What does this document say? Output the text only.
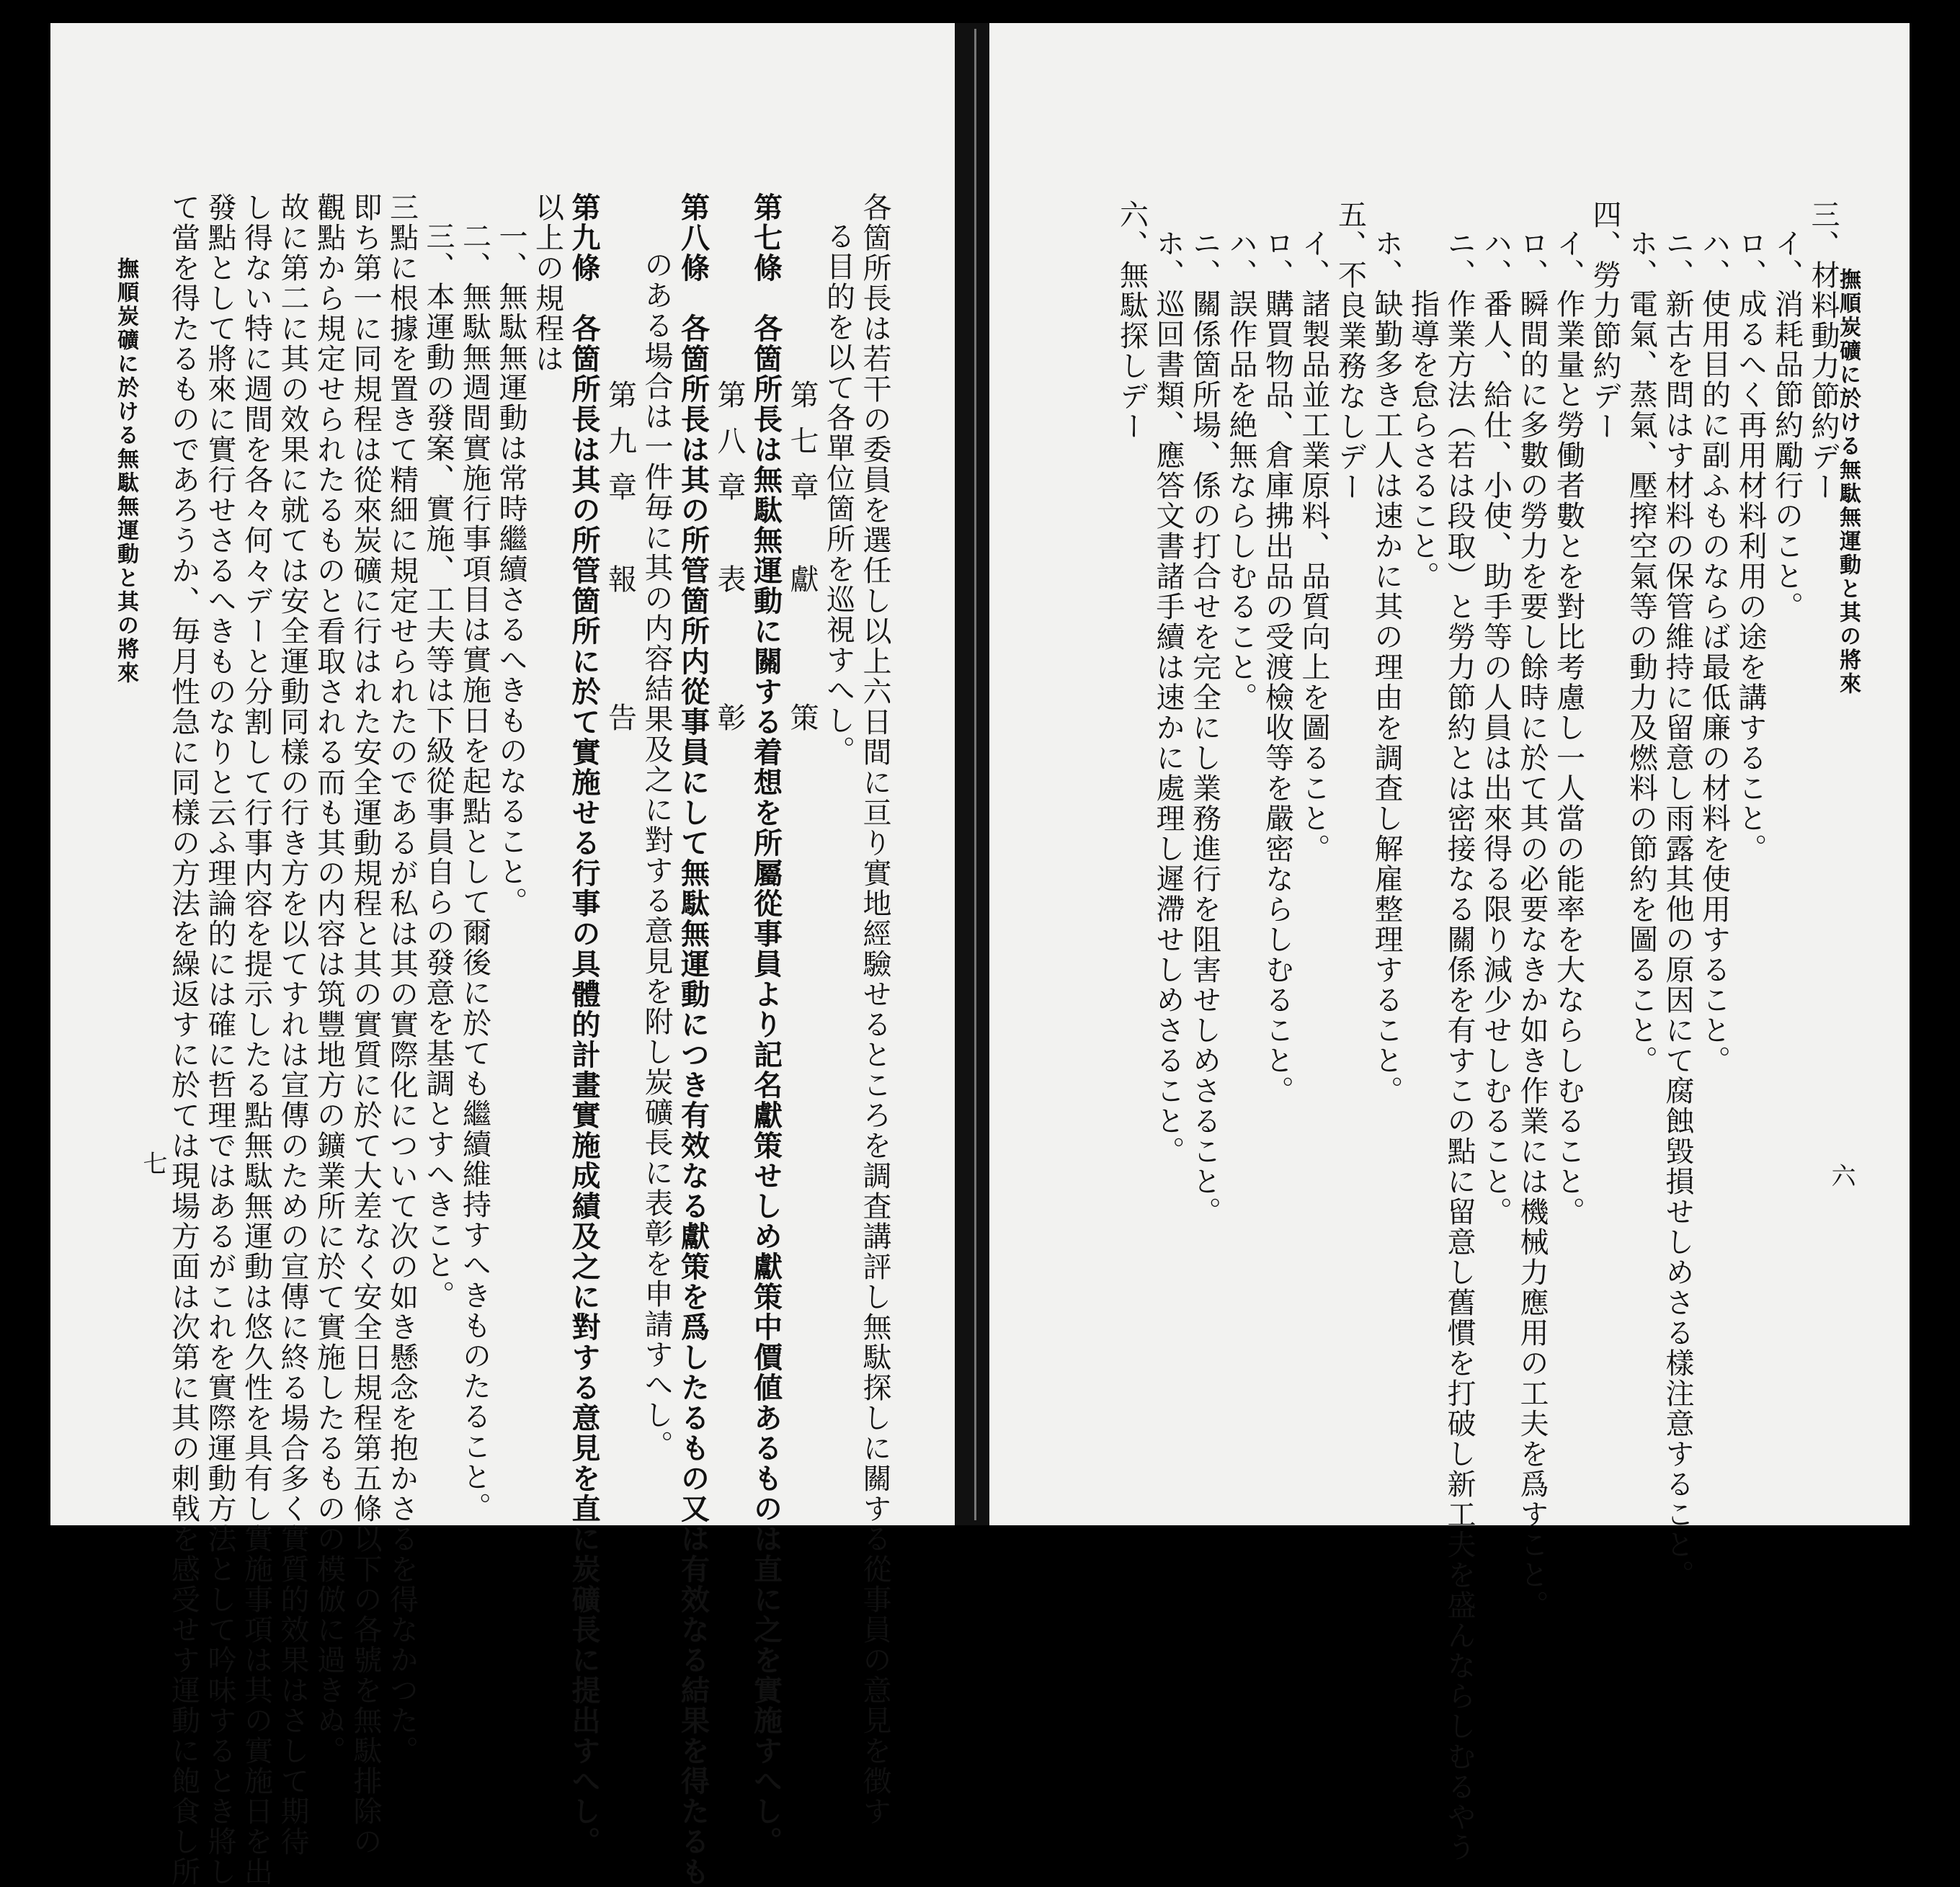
各箇所長は若干の委員を選任し以上六日間に亘り實地經驗せるところを調査講評し無駄探しに關する從事員の意見を徴す
る目的を以て各單位箇所を巡視すへし。
第七章　獻　　策
第七條　各箇所長は無駄無運動に關する着想を所屬從事員より記名獻策せしめ獻策中價値あるものは直に之を實施すへし。
第八章　表　　彰
第八條　各箇所長は其の所管箇所内從事員にして無駄無運動につき有效なる獻策を爲したるもの又は有效なる結果を得たるも
のある場合は一件毎に其の内容結果及之に對する意見を附し炭礦長に表彰を申請すへし。
第九章　報　　告
第九條　各箇所長は其の所管箇所に於て實施せる行事の具體的計畫實施成績及之に對する意見を直に炭礦長に提出すへし。
以上の規程は
一、無駄無運動は常時繼續さるへきものなること。
二、無駄無週間實施行事項目は實施日を起點として爾後に於ても繼續維持すへきものたること。
三、本運動の發案、實施、工夫等は下級從事員自らの發意を基調とすへきこと。
三點に根據を置きて精細に規定せられたのであるが私は其の實際化について次の如き懸念を抱かさるを得なかつた。
即ち第一に同規程は從來炭礦に行はれた安全運動規程と其の實質に於て大差なく安全日規程第五條以下の各號を無駄排除の
觀點から規定せられたるものと看取される而も其の内容は筑豐地方の鑛業所に於て實施したるものの模倣に過きぬ。
故に第二に其の效果に就ては安全運動同樣の行き方を以てすれは宣傳のための宣傳に終る場合多く實質的效果はさして期待
し得ない特に週間を各々何々デーと分割して行事内容を提示したる點無駄無運動は悠久性を具有し實施事項は其の實施日を出
發點として將來に實行せさるへきものなりと云ふ理論的には確に哲理ではあるがこれを實際運動方法として吟味するとき將し
て當を得たるものであろうか、毎月性急に同樣の方法を繰返すに於ては現場方面は次第に其の刺戟を感受せす運動に飽食し所
撫順炭礦に於ける無駄無運動と其の將來
七
撫順炭礦に於ける無駄無運動と其の將來
三、材料動力節約デー
イ、消耗品節約勵行のこと。
ロ、成るへく再用材料利用の途を講すること。
ハ、使用目的に副ふものならば最低廉の材料を使用すること。
ニ、新古を問はす材料の保管維持に留意し雨露其他の原因にて腐蝕毀損せしめさる樣注意すること。
ホ、電氣、蒸氣、壓搾空氣等の動力及燃料の節約を圖ること。
四、勞力節約デー
イ、作業量と勞働者數とを對比考慮し一人當の能率を大ならしむること。
ロ、瞬間的に多數の勞力を要し餘時に於て其の必要なきか如き作業には機械力應用の工夫を爲すこと。
ハ、番人、給仕、小使、助手等の人員は出來得る限り減少せしむること。
ニ、作業方法（若は段取）と勞力節約とは密接なる關係を有すこの點に留意し舊慣を打破し新工夫を盛んならしむるやう
指導を怠らさること。
ホ、缺勤多き工人は速かに其の理由を調査し解雇整理すること。
五、不良業務なしデー
イ、諸製品並工業原料、品質向上を圖ること。
ロ、購買物品、倉庫拂出品の受渡檢收等を嚴密ならしむること。
ハ、誤作品を絶無ならしむること。
ニ、關係箇所場、係の打合せを完全にし業務進行を阻害せしめさること。
ホ、巡回書類、應答文書諸手續は速かに處理し遲滯せしめさること。
六、無駄探しデー
六
